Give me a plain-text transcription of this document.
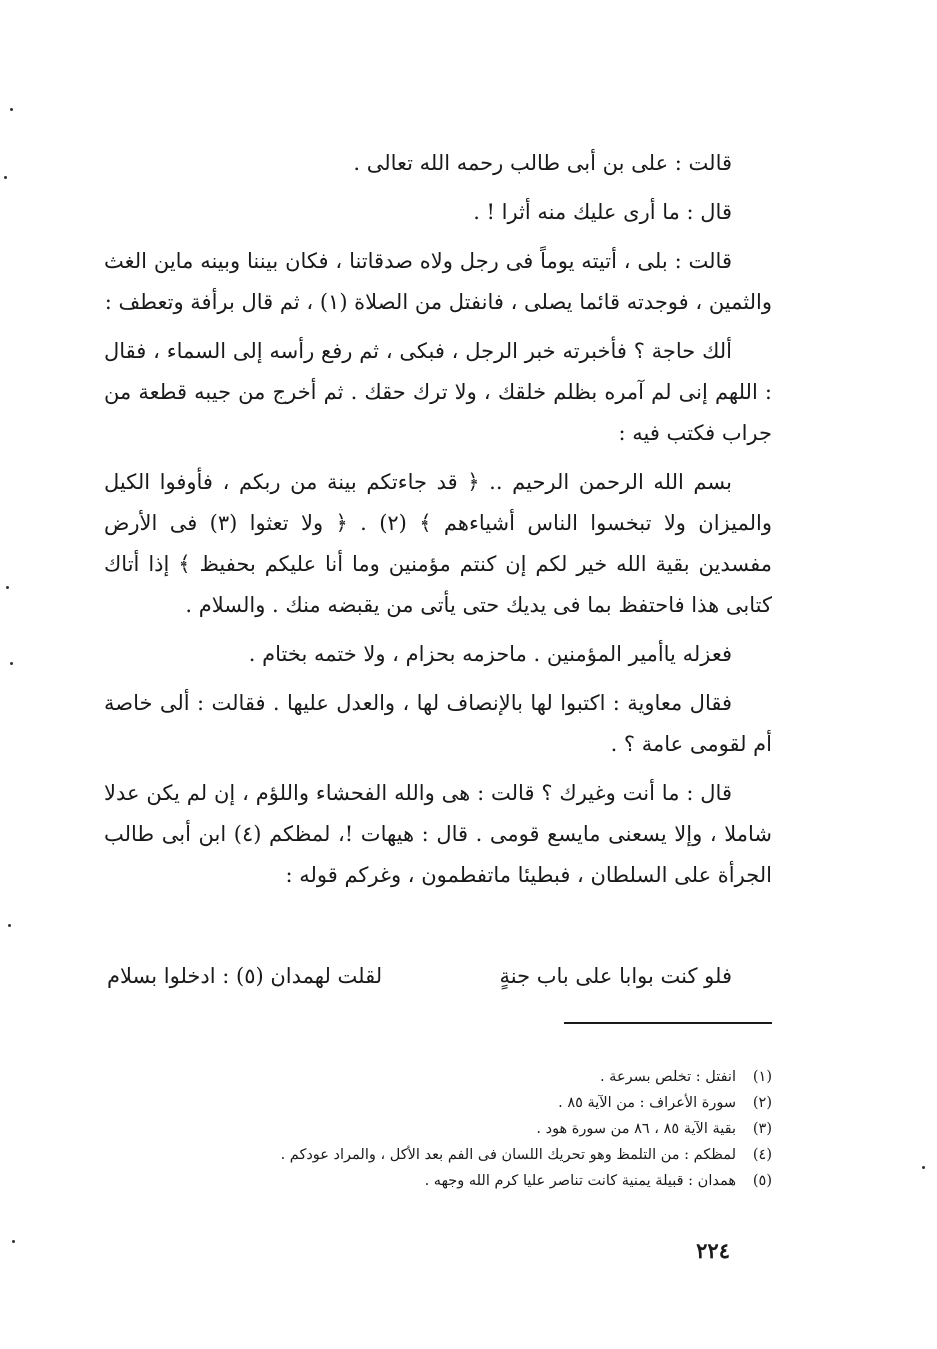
قالت : على بن أبى طالب رحمه الله تعالى .

قال : ما أرى عليك منه أثرا ! .

قالت : بلى ، أتيته يوماً فى رجل ولاه صدقاتنا ، فكان بيننا وبينه ماين الغث والثمين ، فوجدته قائما يصلى ، فانفتل من الصلاة (١) ، ثم قال برأفة وتعطف :

ألك حاجة ؟ فأخبرته خبر الرجل ، فبكى ، ثم رفع رأسه إلى السماء ، فقال : اللهم إنى لم آمره بظلم خلقك ، ولا ترك حقك . ثم أخرج من جيبه قطعة من جراب فكتب فيه :

بسم الله الرحمن الرحيم .. ﴿ قد جاءتكم بينة من ربكم ، فأوفوا الكيل والميزان ولا تبخسوا الناس أشياءهم ﴾ (٢) . ﴿ ولا تعثوا (٣) فى الأرض مفسدين بقية الله خير لكم إن كنتم مؤمنين وما أنا عليكم بحفيظ ﴾ إذا أتاك كتابى هذا فاحتفظ بما فى يديك حتى يأتى من يقبضه منك . والسلام .

فعزله ياأمير المؤمنين . ماحزمه بحزام ، ولا ختمه بختام .

فقال معاوية : اكتبوا لها بالإنصاف لها ، والعدل عليها . فقالت : ألى خاصة أم لقومى عامة ؟ .

قال : ما أنت وغيرك ؟ قالت : هى والله الفحشاء واللؤم ، إن لم يكن عدلا شاملا ، وإلا يسعنى مايسع قومى . قال : هيهات !، لمظكم (٤) ابن أبى طالب الجرأة على السلطان ، فبطيئا ماتفطمون ، وغركم قوله :

فلو كنت بوابا على باب جنةٍ
لقلت لهمدان (٥) : ادخلوا بسلام
(١)
انفتل : تخلص بسرعة .
(٢)
سورة الأعراف : من الآية ٨٥ .
(٣)
بقية الآية ٨٥ ، ٨٦ من سورة هود .
(٤)
لمظكم : من التلمظ وهو تحريك اللسان فى الفم بعد الأكل ، والمراد عودكم .
(٥)
همدان : قبيلة يمنية كانت تناصر عليا كرم الله وجهه .
٢٢٤
